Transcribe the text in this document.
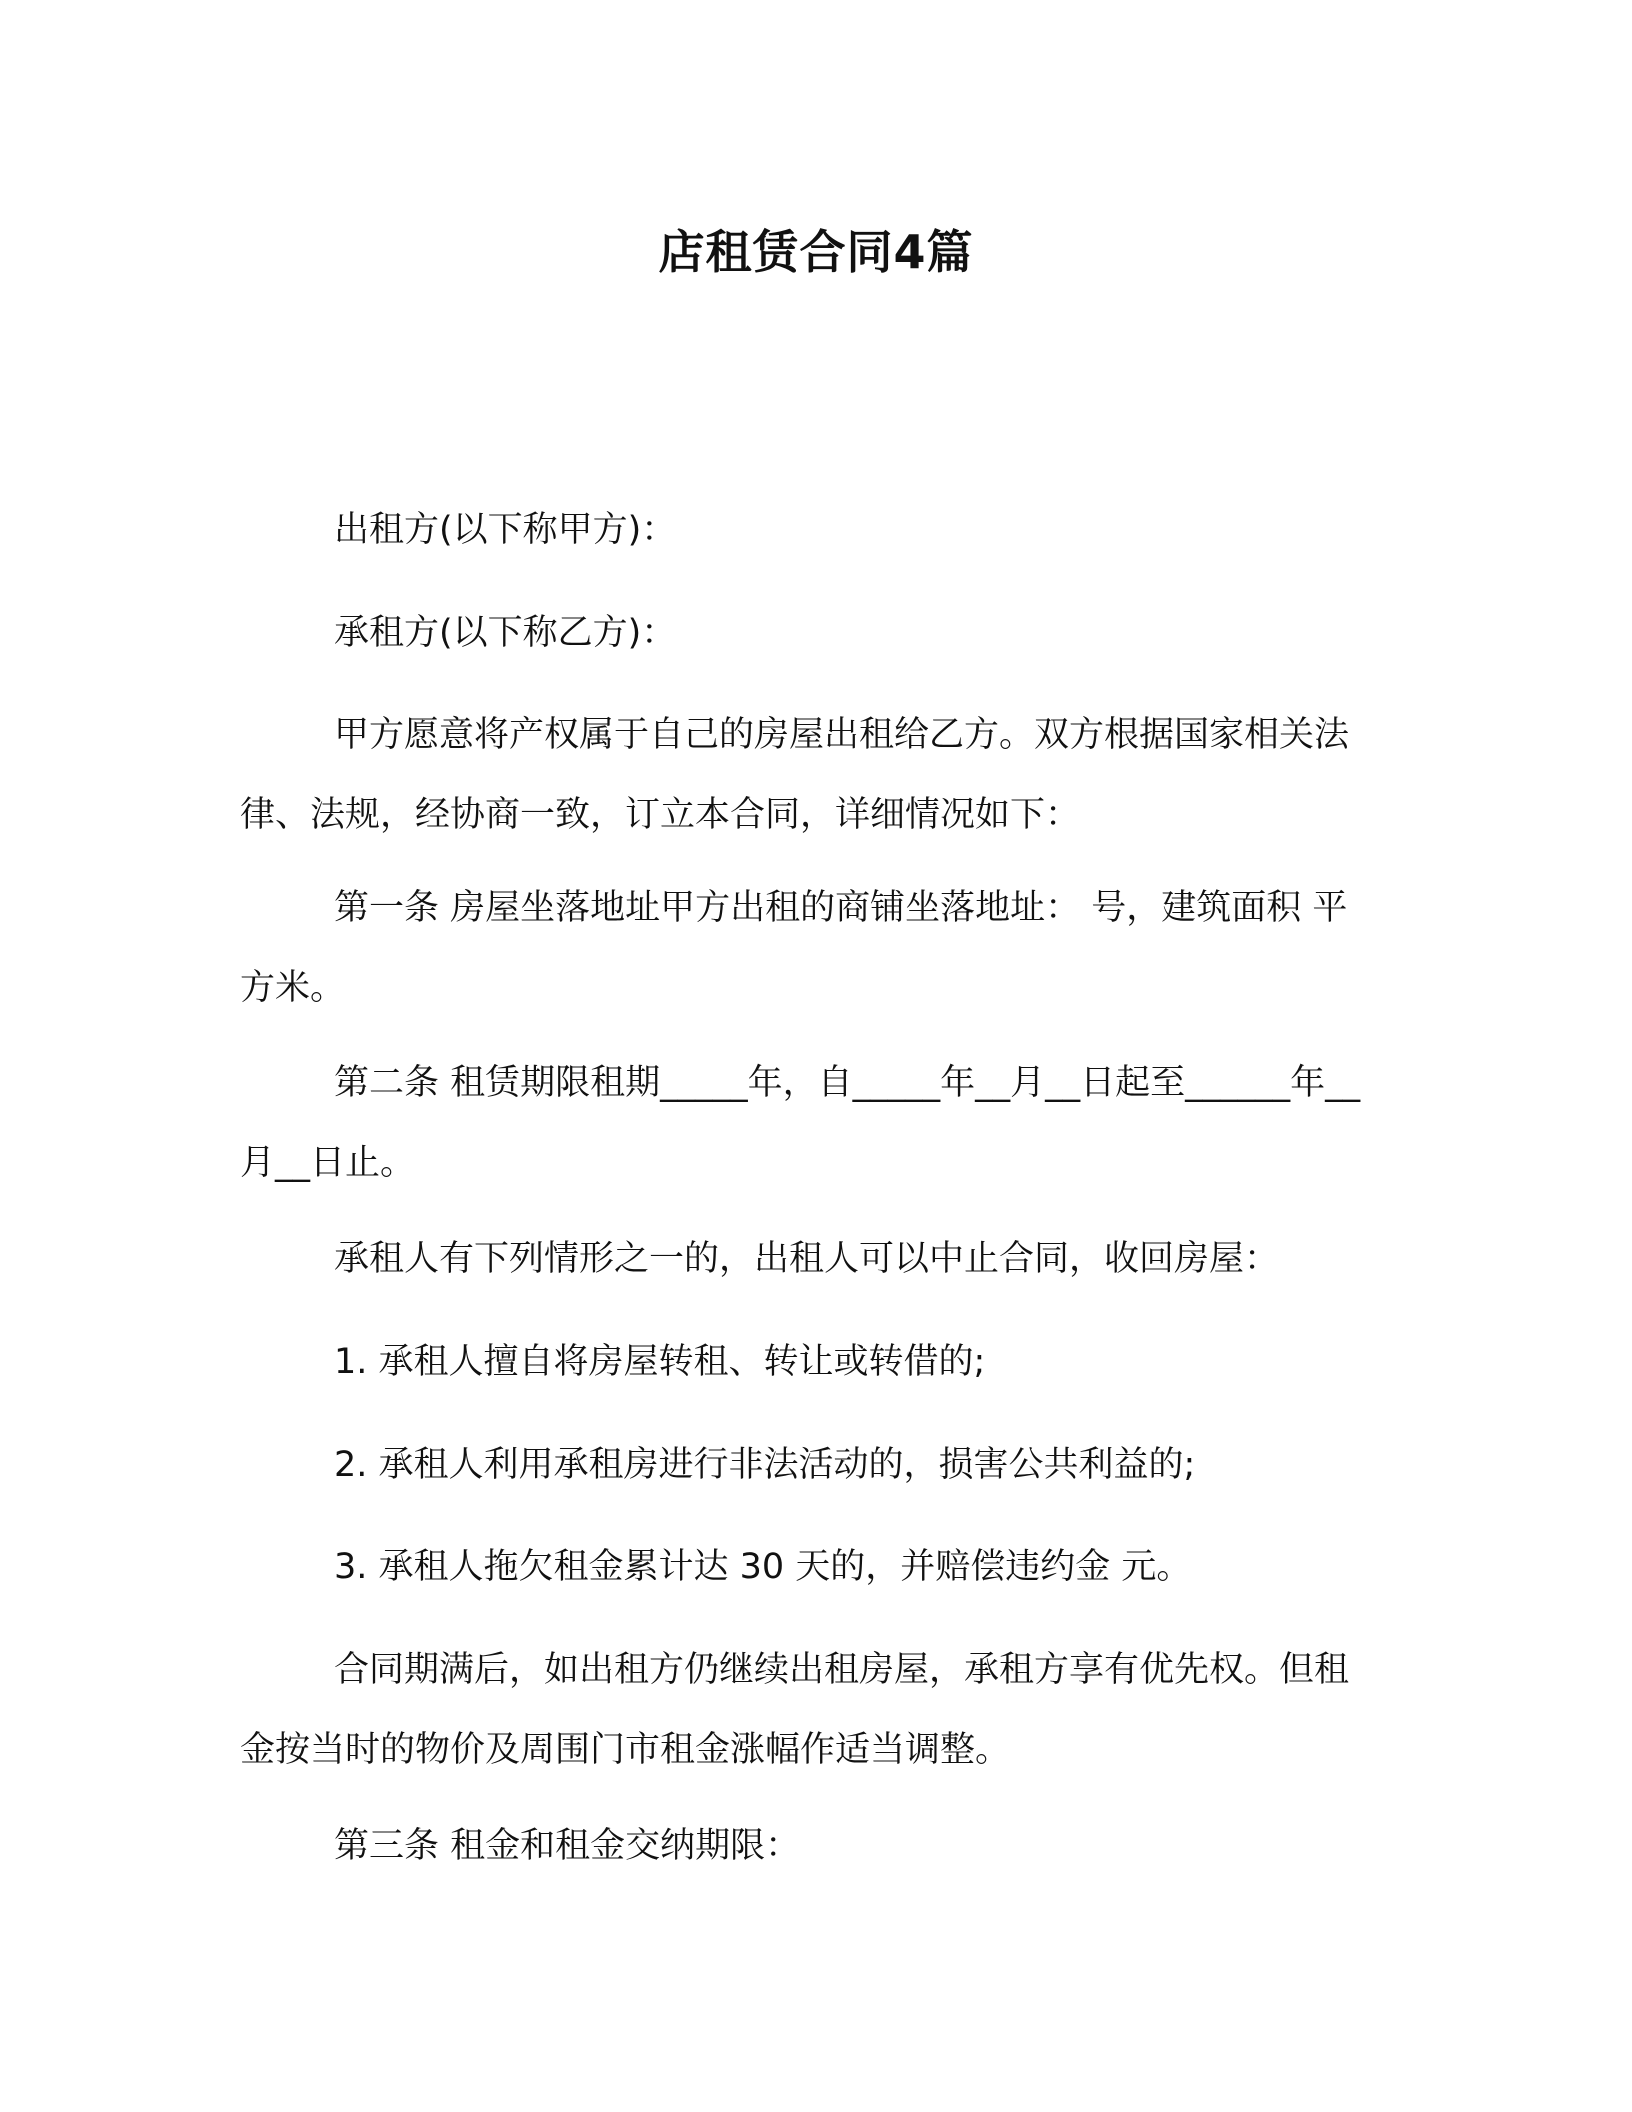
店租赁合同4篇

出租方(以下称甲方)：

承租方(以下称乙方)：

甲方愿意将产权属于自己的房屋出租给乙方。双方根据国家相关法律、法规，经协商一致，订立本合同，详细情况如下：

第一条 房屋坐落地址甲方出租的商铺坐落地址： 号，建筑面积 平方米。

第二条 租赁期限租期_____年，自_____年__月__日起至______年__月__日止。

承租人有下列情形之一的，出租人可以中止合同，收回房屋：

1. 承租人擅自将房屋转租、转让或转借的;

2. 承租人利用承租房进行非法活动的，损害公共利益的;

3. 承租人拖欠租金累计达 30 天的，并赔偿违约金 元。

合同期满后，如出租方仍继续出租房屋，承租方享有优先权。但租金按当时的物价及周围门市租金涨幅作适当调整。

第三条 租金和租金交纳期限：
